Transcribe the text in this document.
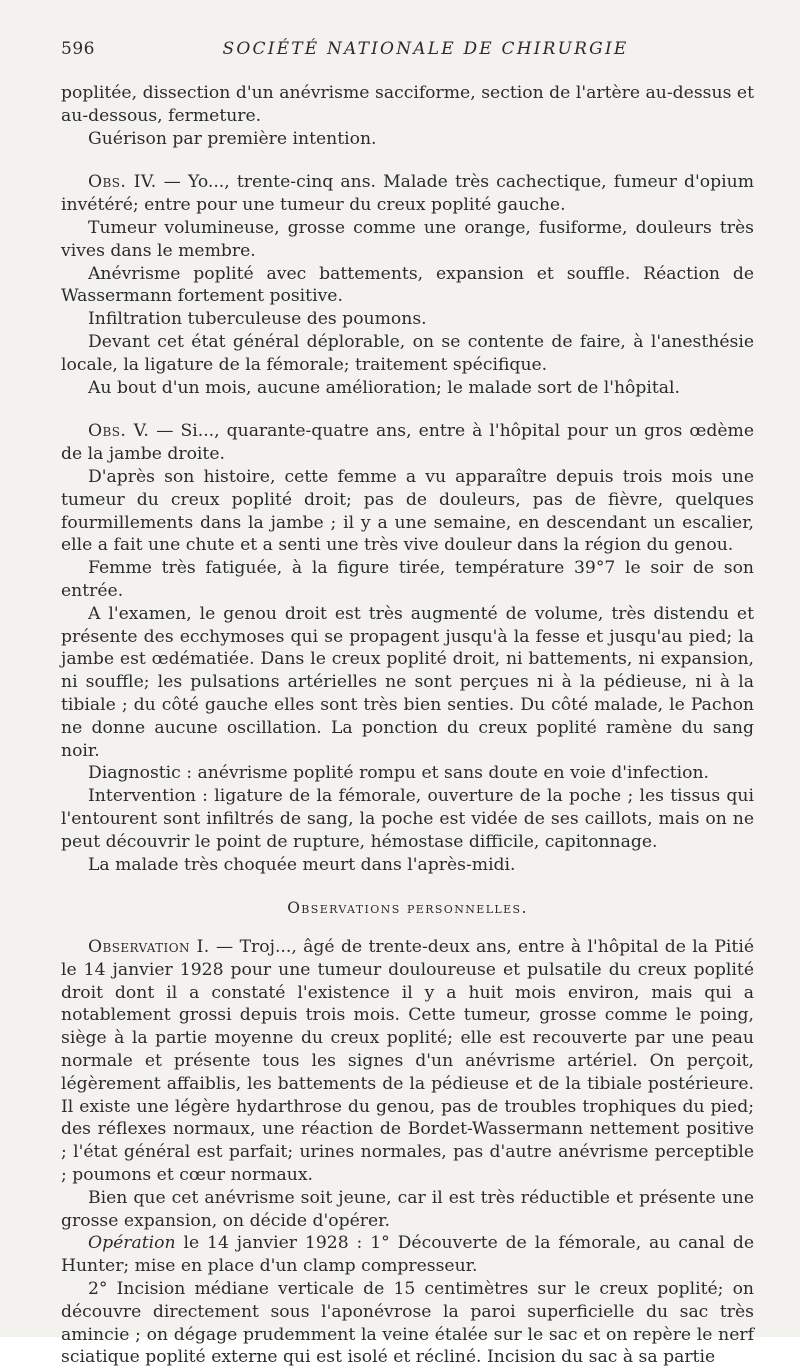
596	SOCIÉTÉ NATIONALE DE CHIRURGIE

poplitée, dissection d'un anévrisme sacciforme, section de l'artère au-dessus et au-dessous, fermeture.

Guérison par première intention.

Obs. IV. — Yo..., trente-cinq ans. Malade très cachectique, fumeur d'opium invétéré; entre pour une tumeur du creux poplité gauche.

Tumeur volumineuse, grosse comme une orange, fusiforme, douleurs très vives dans le membre.

Anévrisme poplité avec battements, expansion et souffle. Réaction de Wassermann fortement positive.

Infiltration tuberculeuse des poumons.

Devant cet état général déplorable, on se contente de faire, à l'anesthésie locale, la ligature de la fémorale; traitement spécifique.

Au bout d'un mois, aucune amélioration; le malade sort de l'hôpital.

Obs. V. — Si..., quarante-quatre ans, entre à l'hôpital pour un gros œdème de la jambe droite.

D'après son histoire, cette femme a vu apparaître depuis trois mois une tumeur du creux poplité droit; pas de douleurs, pas de fièvre, quelques fourmillements dans la jambe ; il y a une semaine, en descendant un escalier, elle a fait une chute et a senti une très vive douleur dans la région du genou.

Femme très fatiguée, à la figure tirée, température 39°7 le soir de son entrée.

A l'examen, le genou droit est très augmenté de volume, très distendu et présente des ecchymoses qui se propagent jusqu'à la fesse et jusqu'au pied; la jambe est œdématiée. Dans le creux poplité droit, ni battements, ni expansion, ni souffle; les pulsations artérielles ne sont perçues ni à la pédieuse, ni à la tibiale ; du côté gauche elles sont très bien senties. Du côté malade, le Pachon ne donne aucune oscillation. La ponction du creux poplité ramène du sang noir.

Diagnostic : anévrisme poplité rompu et sans doute en voie d'infection.

Intervention : ligature de la fémorale, ouverture de la poche ; les tissus qui l'entourent sont infiltrés de sang, la poche est vidée de ses caillots, mais on ne peut découvrir le point de rupture, hémostase difficile, capitonnage.

La malade très choquée meurt dans l'après-midi.

Observations personnelles.

Observation I. — Troj..., âgé de trente-deux ans, entre à l'hôpital de la Pitié le 14 janvier 1928 pour une tumeur douloureuse et pulsatile du creux poplité droit dont il a constaté l'existence il y a huit mois environ, mais qui a notablement grossi depuis trois mois. Cette tumeur, grosse comme le poing, siège à la partie moyenne du creux poplité; elle est recouverte par une peau normale et présente tous les signes d'un anévrisme artériel. On perçoit, légèrement affaiblis, les battements de la pédieuse et de la tibiale postérieure. Il existe une légère hydarthrose du genou, pas de troubles trophiques du pied; des réflexes normaux, une réaction de Bordet-Wassermann nettement positive ; l'état général est parfait; urines normales, pas d'autre anévrisme perceptible ; poumons et cœur normaux.

Bien que cet anévrisme soit jeune, car il est très réductible et présente une grosse expansion, on décide d'opérer.

Opération le 14 janvier 1928 : 1° Découverte de la fémorale, au canal de Hunter; mise en place d'un clamp compresseur.

2° Incision médiane verticale de 15 centimètres sur le creux poplité; on découvre directement sous l'aponévrose la paroi superficielle du sac très amincie ; on dégage prudemment la veine étalée sur le sac et on repère le nerf sciatique poplité externe qui est isolé et récliné. Incision du sac à sa partie
